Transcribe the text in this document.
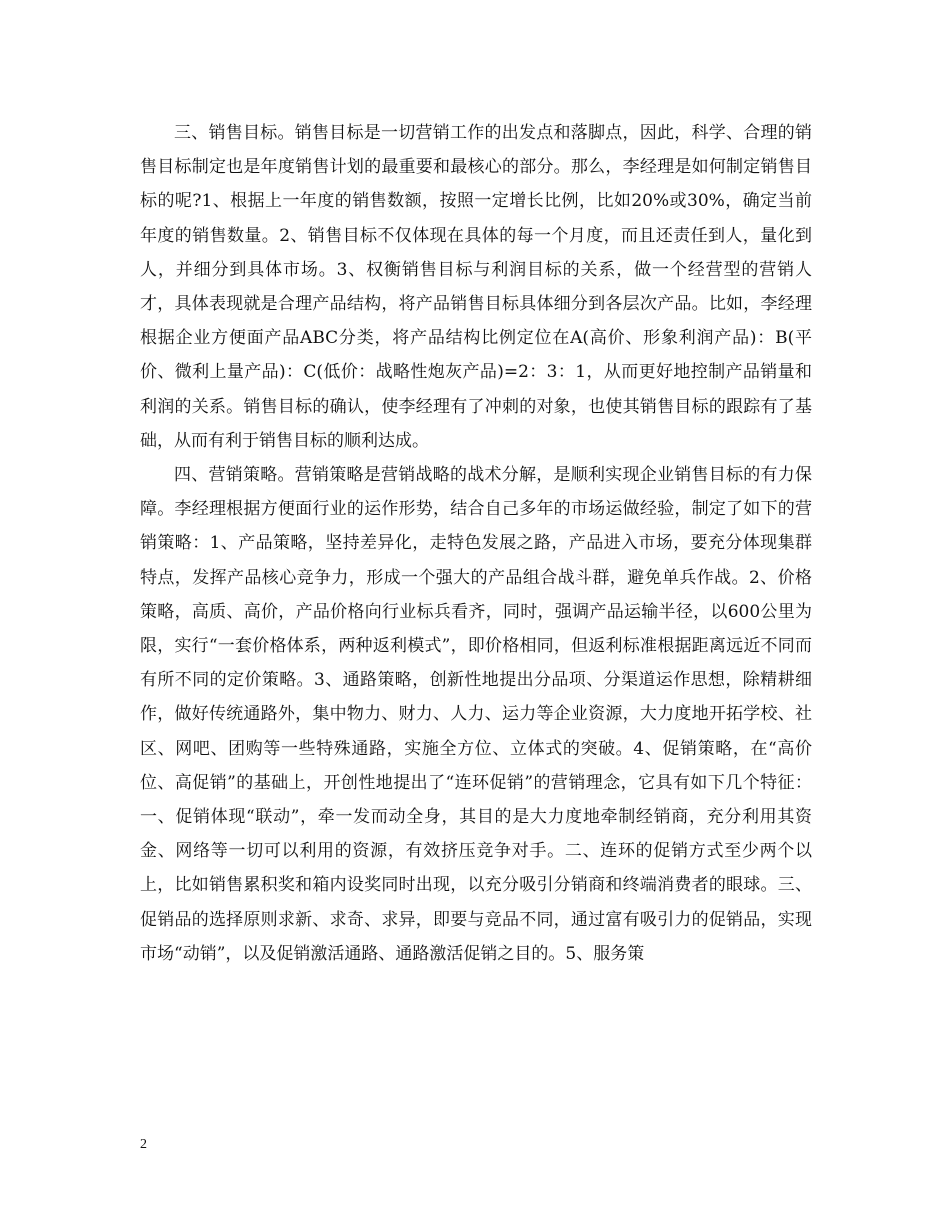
三、销售目标。销售目标是一切营销工作的出发点和落脚点，因此，科学、合理的销售目标制定也是年度销售计划的最重要和最核心的部分。那么，李经理是如何制定销售目标的呢?1、根据上一年度的销售数额，按照一定增长比例，比如20%或30%，确定当前年度的销售数量。2、销售目标不仅体现在具体的每一个月度，而且还责任到人，量化到人，并细分到具体市场。3、权衡销售目标与利润目标的关系，做一个经营型的营销人才，具体表现就是合理产品结构，将产品销售目标具体细分到各层次产品。比如，李经理根据企业方便面产品ABC分类，将产品结构比例定位在A(高价、形象利润产品)：B(平价、微利上量产品)：C(低价：战略性炮灰产品)=2：3：1，从而更好地控制产品销量和利润的关系。销售目标的确认，使李经理有了冲刺的对象，也使其销售目标的跟踪有了基础，从而有利于销售目标的顺利达成。

四、营销策略。营销策略是营销战略的战术分解，是顺利实现企业销售目标的有力保障。李经理根据方便面行业的运作形势，结合自己多年的市场运做经验，制定了如下的营销策略：1、产品策略，坚持差异化，走特色发展之路，产品进入市场，要充分体现集群特点，发挥产品核心竞争力，形成一个强大的产品组合战斗群，避免单兵作战。2、价格策略，高质、高价，产品价格向行业标兵看齐，同时，强调产品运输半径，以600公里为限，实行“一套价格体系，两种返利模式”，即价格相同，但返利标准根据距离远近不同而有所不同的定价策略。3、通路策略，创新性地提出分品项、分渠道运作思想，除精耕细作，做好传统通路外，集中物力、财力、人力、运力等企业资源，大力度地开拓学校、社区、网吧、团购等一些特殊通路，实施全方位、立体式的突破。4、促销策略，在“高价位、高促销”的基础上，开创性地提出了“连环促销”的营销理念，它具有如下几个特征：一、促销体现“联动”，牵一发而动全身，其目的是大力度地牵制经销商，充分利用其资金、网络等一切可以利用的资源，有效挤压竞争对手。二、连环的促销方式至少两个以上，比如销售累积奖和箱内设奖同时出现，以充分吸引分销商和终端消费者的眼球。三、促销品的选择原则求新、求奇、求异，即要与竞品不同，通过富有吸引力的促销品，实现市场“动销”，以及促销激活通路、通路激活促销之目的。5、服务策

2
